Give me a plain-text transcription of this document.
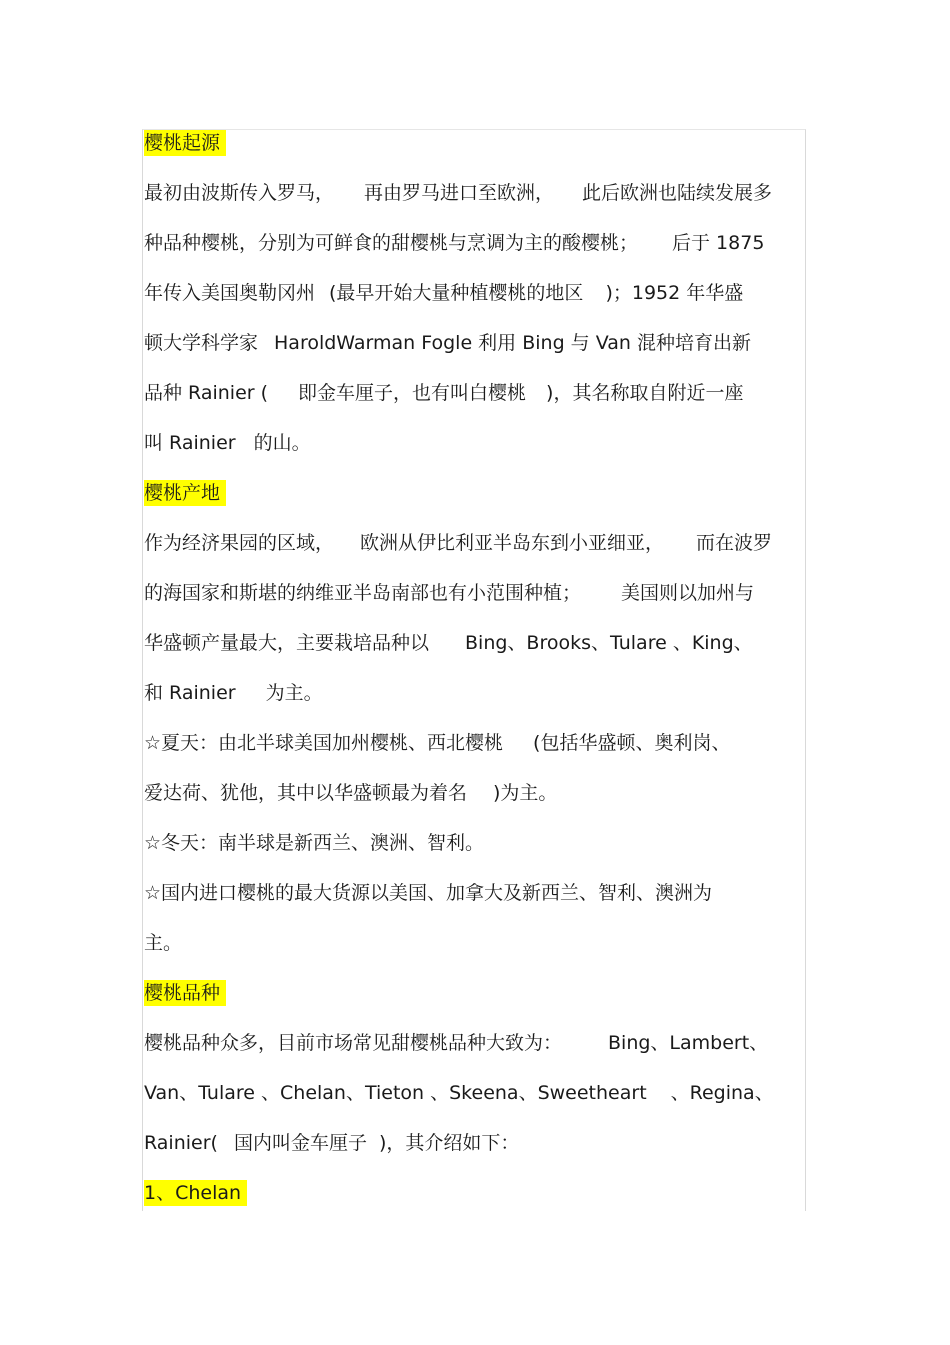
樱桃起源
最初由波斯传入罗马， 再由罗马进口至欧洲， 此后欧洲也陆续发展多
种品种樱桃，分别为可鲜食的甜樱桃与烹调为主的酸樱桃； 后于 1875
年传入美国奥勒冈州 (最早开始大量种植樱桃的地区 )；1952 年华盛
顿大学科学家 HaroldWarman Fogle 利用 Bing 与 Van 混种培育出新
品种 Rainier ( 即金车厘子，也有叫白樱桃 )，其名称取自附近一座
叫 Rainier 的山。
樱桃产地
作为经济果园的区域， 欧洲从伊比利亚半岛东到小亚细亚， 而在波罗
的海国家和斯堪的纳维亚半岛南部也有小范围种植； 美国则以加州与
华盛顿产量最大，主要栽培品种以 Bing、Brooks、Tulare 、King、
和 Rainier 为主。
☆夏天：由北半球美国加州樱桃、西北樱桃 (包括华盛顿、奥利岗、
爱达荷、犹他，其中以华盛顿最为着名 )为主。
☆冬天：南半球是新西兰、澳洲、智利。
☆国内进口樱桃的最大货源以美国、加拿大及新西兰、智利、澳洲为
主。
樱桃品种
樱桃品种众多，目前市场常见甜樱桃品种大致为： Bing、Lambert、
Van、Tulare 、Chelan、Tieton 、Skeena、Sweetheart 、Regina、
Rainier( 国内叫金车厘子 )，其介绍如下：
1、Chelan
